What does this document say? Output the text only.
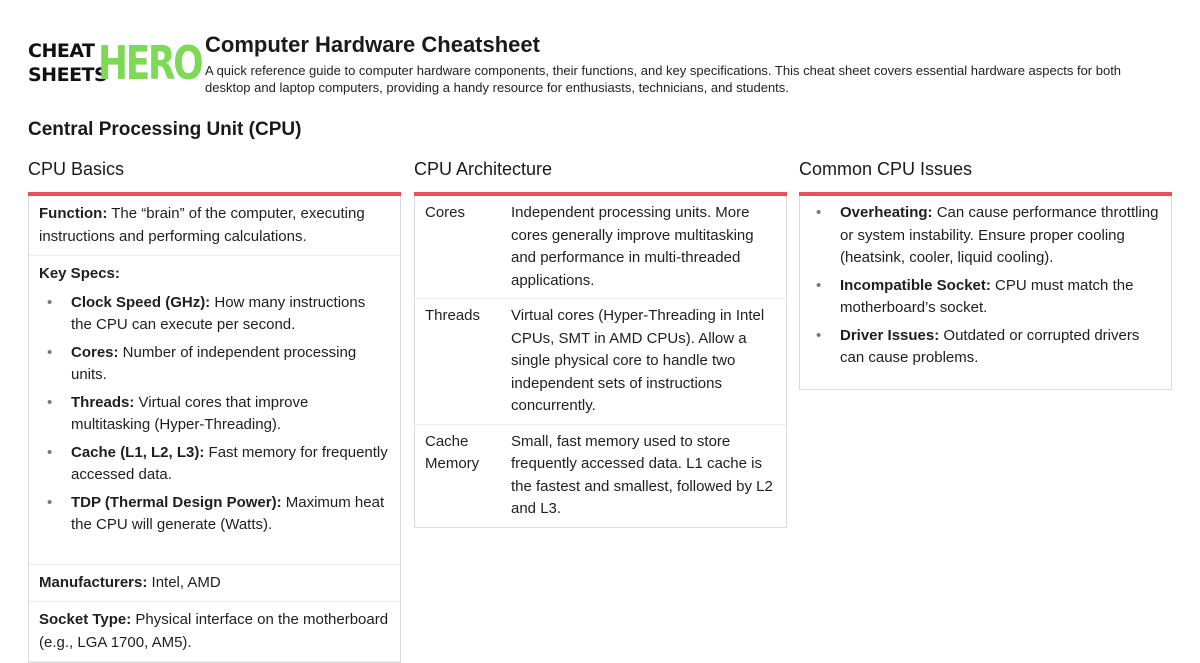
CHEAT
SHEETS
HERO Computer Hardware Cheatsheet

A quick reference guide to computer hardware components, their functions, and key specifications. This cheat sheet covers essential hardware aspects for both desktop and laptop computers, providing a handy resource for enthusiasts, technicians, and students.

Central Processing Unit (CPU)
CPU Basics
Function: The “brain” of the computer, executing instructions and performing calculations.
Key Specs:
• Clock Speed (GHz): How many instructions the CPU can execute per second.
• Cores: Number of independent processing units.
• Threads: Virtual cores that improve multitasking (Hyper-Threading).
• Cache (L1, L2, L3): Fast memory for frequently accessed data.
• TDP (Thermal Design Power): Maximum heat the CPU will generate (Watts).
Manufacturers: Intel, AMD
Socket Type: Physical interface on the motherboard (e.g., LGA 1700, AM5).
CPU Architecture
Cores	Independent processing units. More cores generally improve multitasking and performance in multi-threaded applications.
Threads	Virtual cores (Hyper-Threading in Intel CPUs, SMT in AMD CPUs). Allow a single physical core to handle two independent sets of instructions concurrently.
Cache Memory
Small, fast memory used to store frequently accessed data. L1 cache is the fastest and smallest, followed by L2 and L3.
Common CPU Issues
• Overheating: Can cause performance throttling or system instability. Ensure proper cooling (heatsink, cooler, liquid cooling).
• Incompatible Socket: CPU must match the motherboard’s socket.
• Driver Issues: Outdated or corrupted drivers can cause problems.
